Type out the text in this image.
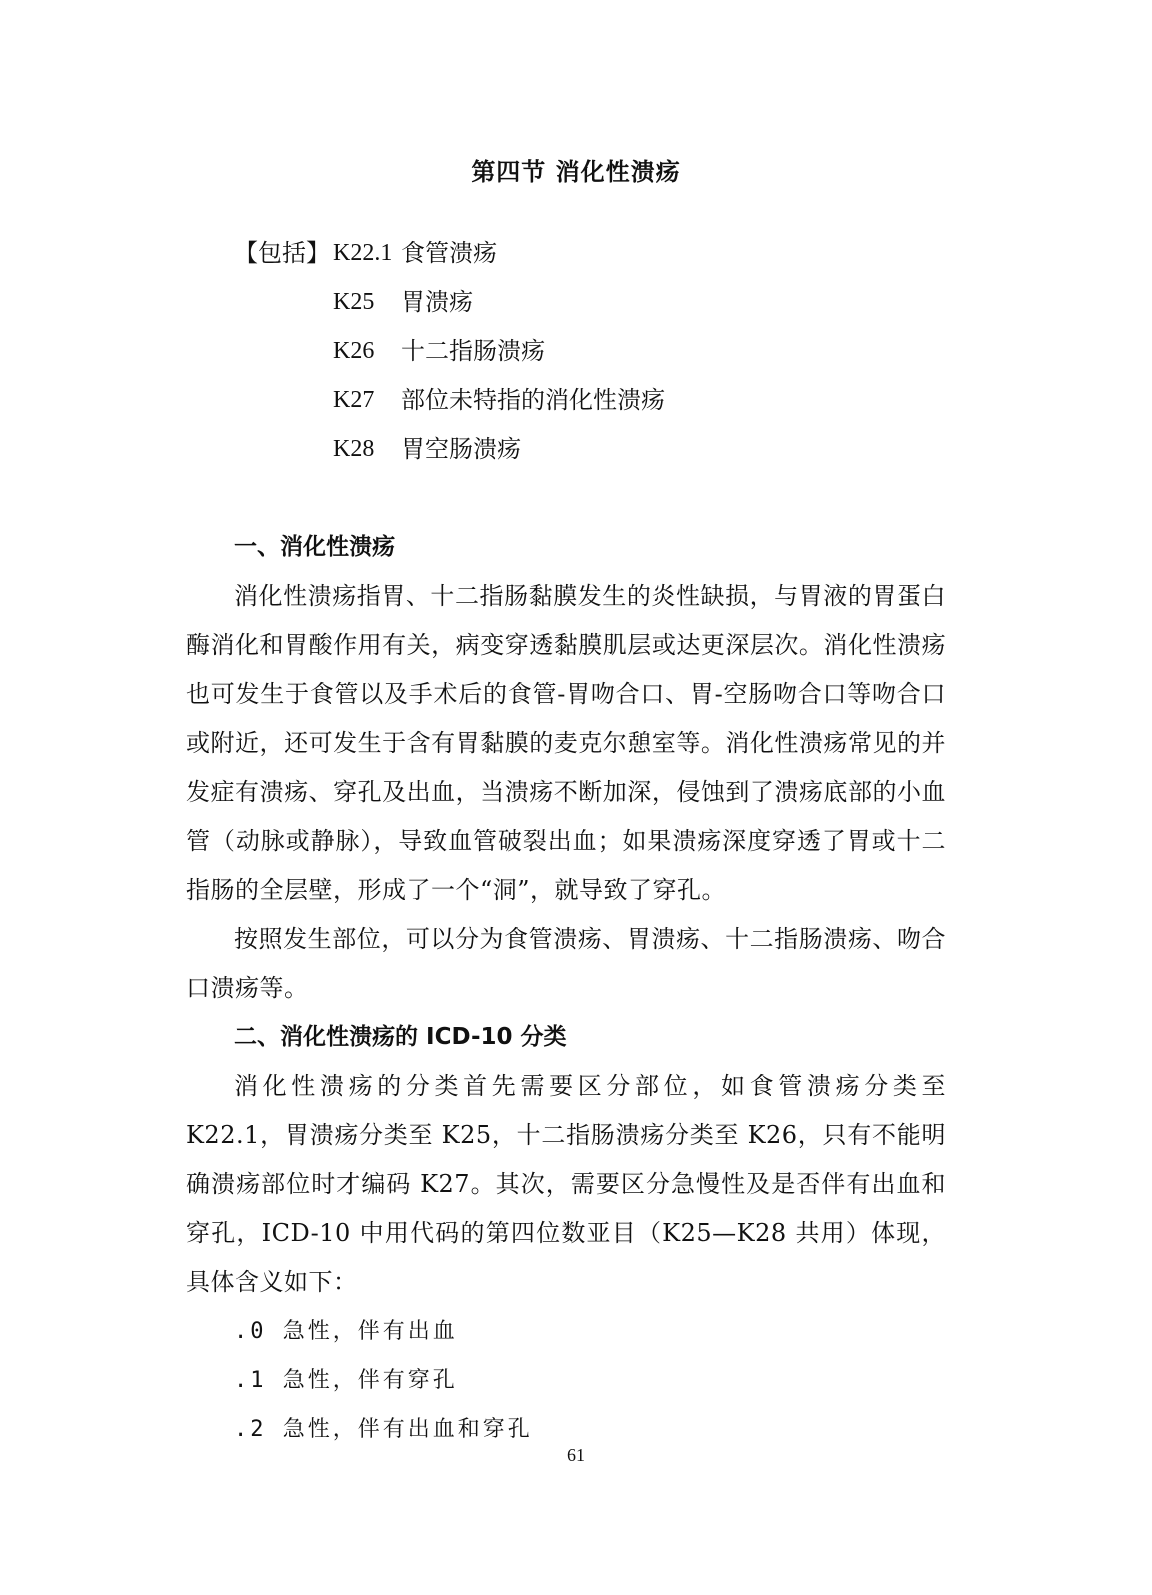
第四节 消化性溃疡
【包括】 K22.1 食管溃疡
K25	胃溃疡
K26	十二指肠溃疡
K27	部位未特指的消化性溃疡
K28	胃空肠溃疡
一、消化性溃疡

消化性溃疡指胃、十二指肠黏膜发生的炎性缺损，与胃液的胃蛋白酶消化和胃酸作用有关，病变穿透黏膜肌层或达更深层次。消化性溃疡也可发生于食管以及手术后的食管-胃吻合口、胃-空肠吻合口等吻合口或附近，还可发生于含有胃黏膜的麦克尔憩室等。消化性溃疡常见的并发症有溃疡、穿孔及出血，当溃疡不断加深，侵蚀到了溃疡底部的小血管（动脉或静脉），导致血管破裂出血；如果溃疡深度穿透了胃或十二指肠的全层壁，形成了一个“洞”，就导致了穿孔。

按照发生部位，可以分为食管溃疡、胃溃疡、十二指肠溃疡、吻合口溃疡等。

二、消化性溃疡的 ICD-10 分类

消化性溃疡的分类首先需要区分部位，如食管溃疡分类至 K22.1，胃溃疡分类至 K25，十二指肠溃疡分类至 K26，只有不能明确溃疡部位时才编码 K27。其次，需要区分急慢性及是否伴有出血和穿孔，ICD-10 中用代码的第四位数亚目（K25—K28 共用）体现，具体含义如下：

.0 急性，伴有出血

.1 急性，伴有穿孔

.2 急性，伴有出血和穿孔

61
